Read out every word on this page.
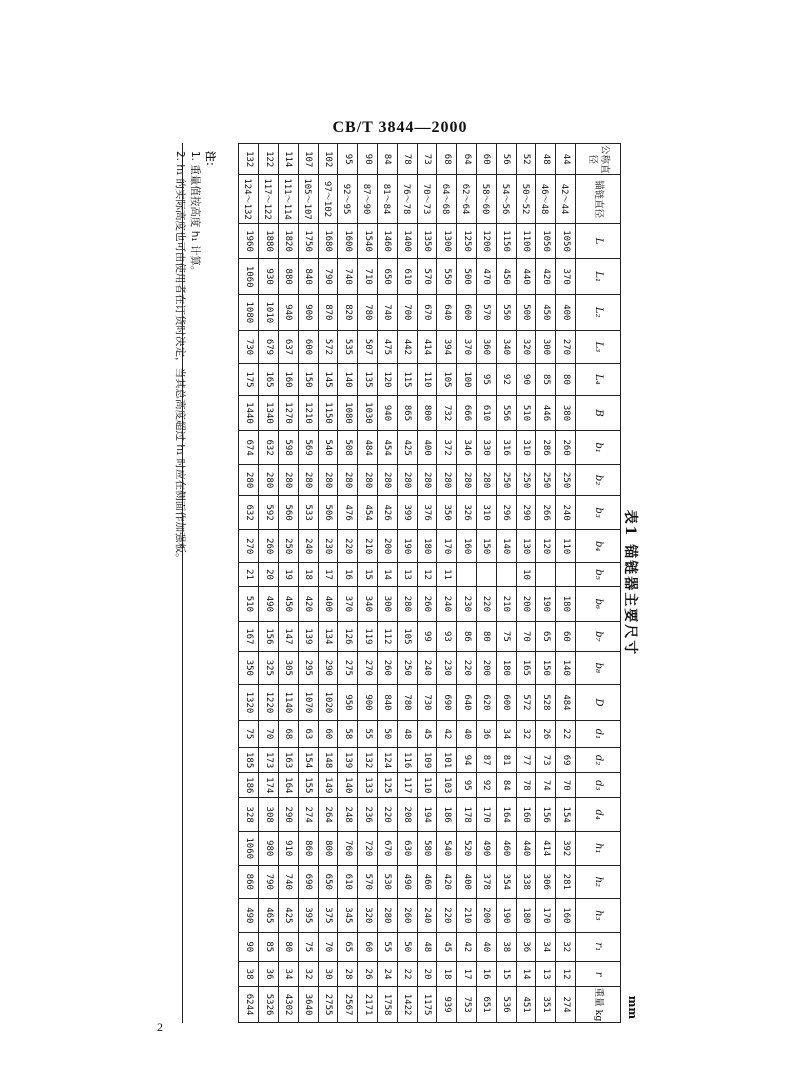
CB/T 3844—2000
表1 锚链器主要尺寸
mm
公称直径	锚链直径	L	L₁	L₂	L₃	L₄	B	b₁	b₂	b₃	b₄	b₅	b₆	b₇	b₈	D	d₁	d₂	d₃	d₄	h₁	h₂	h₃	r₁	r	重量 kg
44	42～44	1050	370	400	270	80	380	260	250	240	110		180	60	140	484	22	69	70	154	392	281	160	32	12	274
48	46～48	1050	420	450	300	85	446	286	250	266	120		190	65	150	528	26	73	74	156	414	306	170	34	13	351
52	50～52	1100	440	500	320	90	510	310	250	290	130	10	200	70	165	572	32	77	78	160	440	338	180	36	14	451
56	54～56	1150	450	550	340	92	556	316	250	296	140		210	75	180	600	34	81	84	164	460	354	190	38	15	536
60	58～60	1200	470	570	360	95	610	330	280	310	150		220	80	200	620	36	87	92	170	490	378	200	40	16	651
64	62～64	1250	500	600	370	100	666	346	280	326	160		230	86	220	640	40	94	95	178	520	400	210	42	17	753
68	64～68	1300	550	640	394	105	732	372	280	350	170	11	240	93	230	690	42	101	103	186	540	420	220	45	18	939
73	70～73	1350	570	670	414	110	800	400	280	376	180	12	260	99	240	730	45	109	110	194	580	460	240	48	20	1175
78	76～78	1400	610	700	442	115	865	425	280	399	190	13	280	105	250	780	48	116	117	208	630	490	260	50	22	1422
84	81～84	1460	650	740	475	120	940	454	280	426	200	14	300	112	260	840	50	124	125	220	670	530	280	55	24	1758
90	87～90	1540	710	780	507	135	1030	484	280	454	210	15	340	119	270	900	55	132	133	236	720	570	320	60	26	2171
95	92～95	1600	740	820	535	140	1080	508	280	476	220	16	370	126	275	950	58	139	140	248	760	610	345	65	28	2567
102	97～102	1680	790	870	572	145	1150	540	280	506	230	17	400	134	290	1020	60	148	149	264	800	650	375	70	30	2755
107	105～107	1750	840	900	600	150	1210	569	280	533	240	18	420	139	295	1070	63	154	155	274	860	690	395	75	32	3640
114	111～114	1820	880	940	637	160	1270	598	280	560	250	19	450	147	305	1140	68	163	164	290	910	740	425	80	34	4302
122	117～122	1880	930	1010	679	165	1340	632	280	592	260	20	490	156	325	1220	70	173	174	308	980	790	465	85	36	5326
132	124～132	1960	1060	1080	730	175	1440	674	280	632	270	21	510	167	350	1320	75	185	186	328	1060	860	490	90	38	6244
注：
1. 重量值按高度 h₁ 计算。
2. h₁ 的实际高度也可由使用者在订货时决定，当其总高度超过 h₁ 时应在侧面作加强板。
2
